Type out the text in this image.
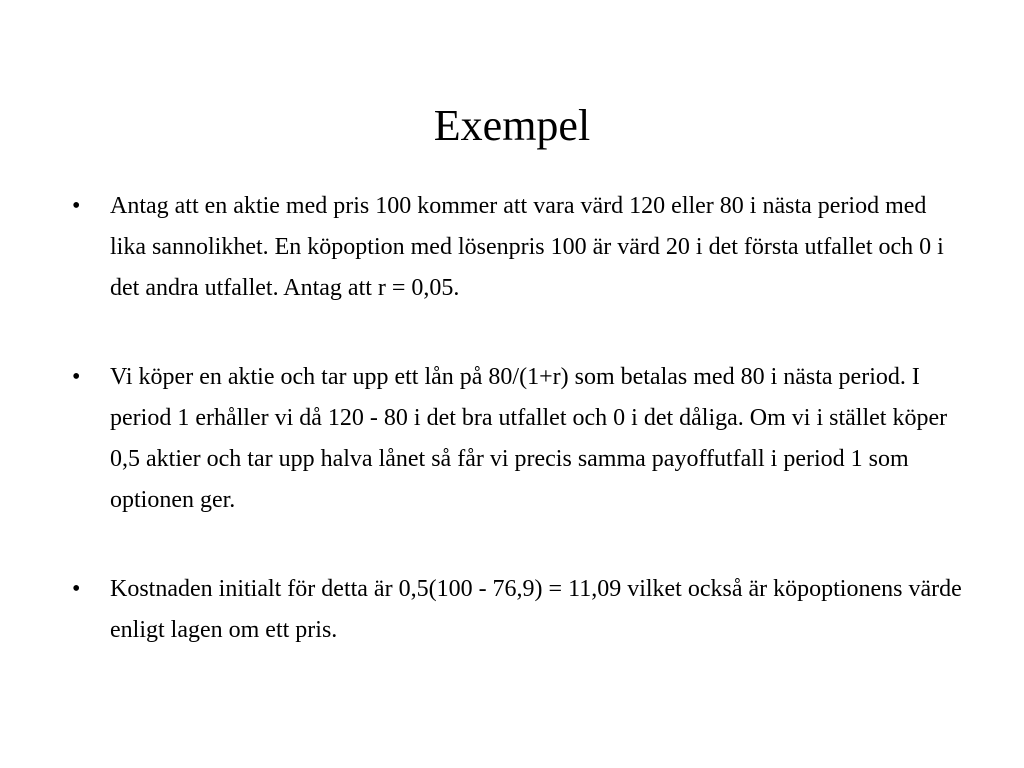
Exempel
•	Antag att en aktie med pris 100 kommer att vara värd 120 eller 80 i nästa period med lika sannolikhet. En köpoption med lösenpris 100 är värd 20 i det första utfallet och 0 i det andra utfallet. Antag att r = 0,05.
•	Vi köper en aktie och tar upp ett lån på 80/(1+r) som betalas med 80 i nästa period. I period 1 erhåller vi då 120 - 80 i det bra utfallet och 0 i det dåliga. Om vi i stället köper 0,5 aktier och tar upp halva lånet så får vi precis samma payoffutfall i period 1 som optionen ger.
•	Kostnaden initialt för detta är 0,5(100 - 76,9) = 11,09 vilket också är köpoptionens värde enligt lagen om ett pris.
